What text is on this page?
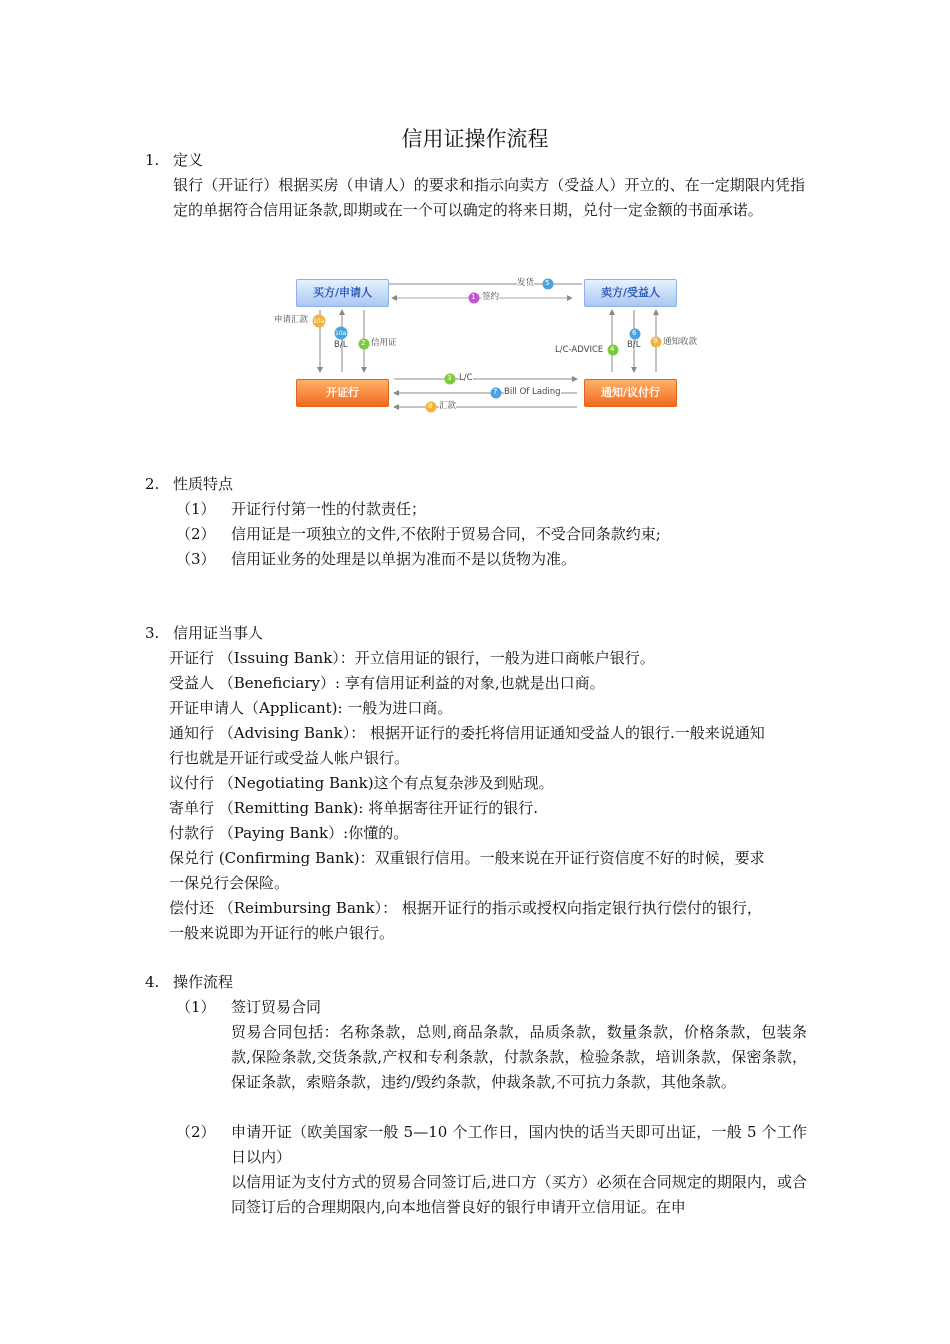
信用证操作流程
1. 定义
银行（开证行）根据买房（申请人）的要求和指示向卖方（受益人）开立的、在一定期限内凭指定的单据符合信用证条款,即期或在一个可以确定的将来日期，兑付一定金额的书面承诺。
买方/申请人	卖方/受益人
开证行	通知/议付行
5
1
10a
10a
2
4
6
9
3
7
8
发货
签约
申请汇款
B/L	信用证
L/C-ADVICE	B/L	通知收款
L/C
Bill Of Lading
汇款
2. 性质特点
（1） 开证行付第一性的付款责任；
（2） 信用证是一项独立的文件,不依附于贸易合同，不受合同条款约束;
（3） 信用证业务的处理是以单据为准而不是以货物为准。
3. 信用证当事人
开证行 （Issuing Bank）：开立信用证的银行，一般为进口商帐户银行。
受益人 （Beneficiary）: 享有信用证利益的对象,也就是出口商。
开证申请人（Applicant): 一般为进口商。
通知行 （Advising Bank）： 根据开证行的委托将信用证通知受益人的银行.一般来说通知
行也就是开证行或受益人帐户银行。
议付行 （Negotiating Bank)这个有点复杂涉及到贴现。
寄单行 （Remitting Bank): 将单据寄往开证行的银行.
付款行 （Paying Bank）:你懂的。
保兑行 (Confirming Bank)：双重银行信用。一般来说在开证行资信度不好的时候，要求
一保兑行会保险。
偿付还 （Reimbursing Bank）： 根据开证行的指示或授权向指定银行执行偿付的银行，
一般来说即为开证行的帐户银行。
4. 操作流程
（1） 签订贸易合同
贸易合同包括：名称条款，总则,商品条款，品质条款，数量条款，价格条款，包装条款,保险条款,交货条款,产权和专利条款，付款条款，检验条款，培训条款，保密条款，保证条款，索赔条款，违约/毁约条款，仲裁条款,不可抗力条款，其他条款。
（2） 申请开证（欧美国家一般 5—10 个工作日，国内快的话当天即可出证，一般 5 个工作日以内）
以信用证为支付方式的贸易合同签订后,进口方（买方）必须在合同规定的期限内，或合同签订后的合理期限内,向本地信誉良好的银行申请开立信用证。在申
